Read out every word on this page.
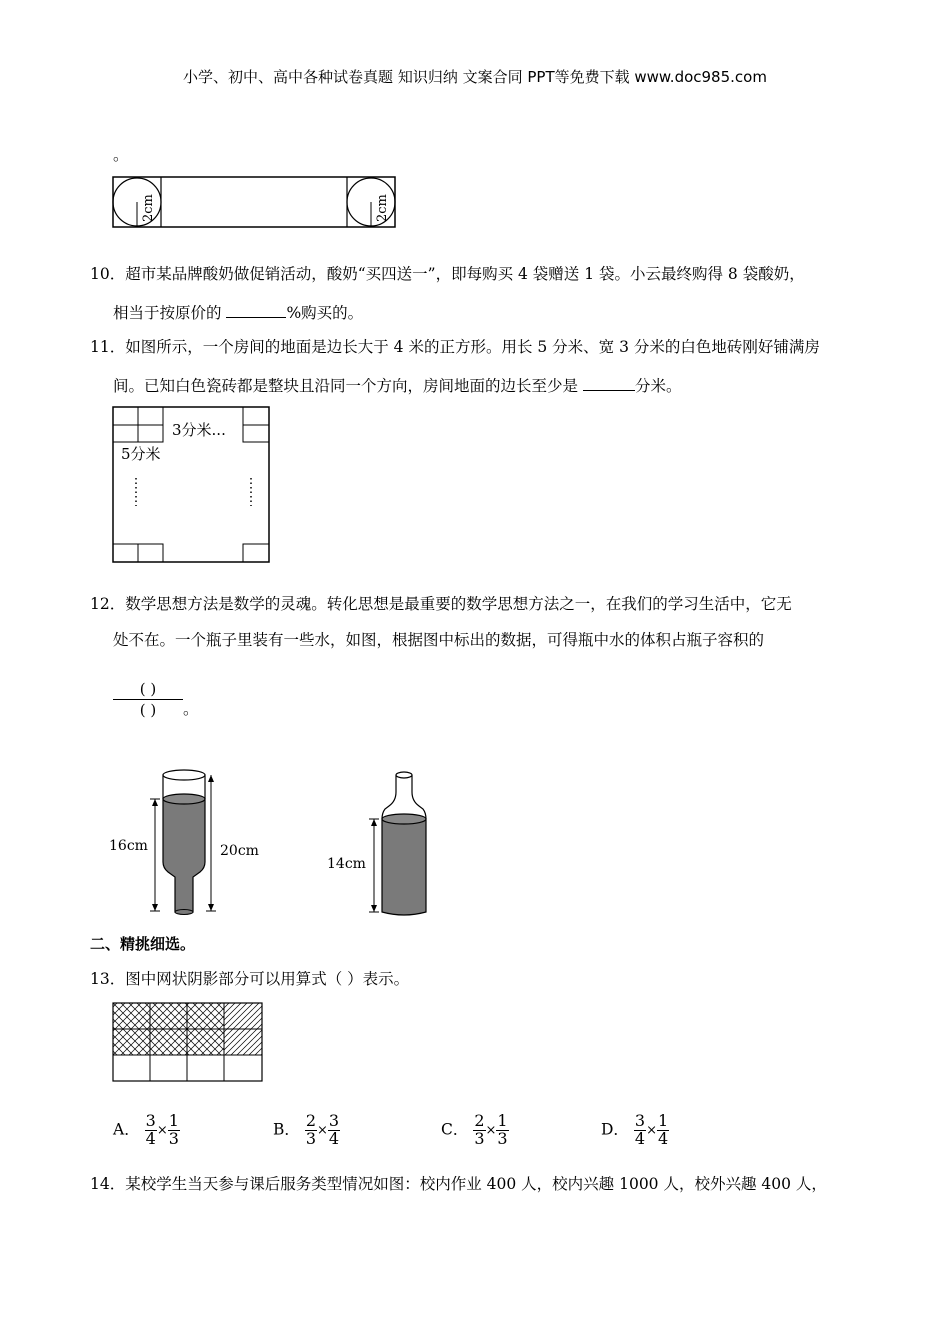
小学、初中、高中各种试卷真题 知识归纳 文案合同 PPT等免费下载 www.doc985.com
。
2cm	2cm
10．超市某品牌酸奶做促销活动，酸奶“买四送一”，即每购买 4 袋赠送 1 袋。小云最终购得 8 袋酸奶，
相当于按原价的	%购买的。
11．如图所示，一个房间的地面是边长大于 4 米的正方形。用长 5 分米、宽 3 分米的白色地砖刚好铺满房
间。已知白色瓷砖都是整块且沿同一个方向，房间地面的边长至少是	分米。
3分米...
5分米
12．数学思想方法是数学的灵魂。转化思想是最重要的数学思想方法之一，在我们的学习生活中，它无
处不在。一个瓶子里装有一些水，如图，根据图中标出的数据，可得瓶中水的体积占瓶子容积的
( )
( )	。
16cm	20cm
14cm
二、精挑细选。
13．图中网状阴影部分可以用算式（ ）表示。
A． $\frac{3}{4} \times \frac{1}{3}$	B． $\frac{2}{3} \times \frac{3}{4}$	C． $\frac{2}{3} \times \frac{1}{3}$	D． $\frac{3}{4} \times \frac{1}{4}$
14．某校学生当天参与课后服务类型情况如图：校内作业 400 人，校内兴趣 1000 人，校外兴趣 400 人，
